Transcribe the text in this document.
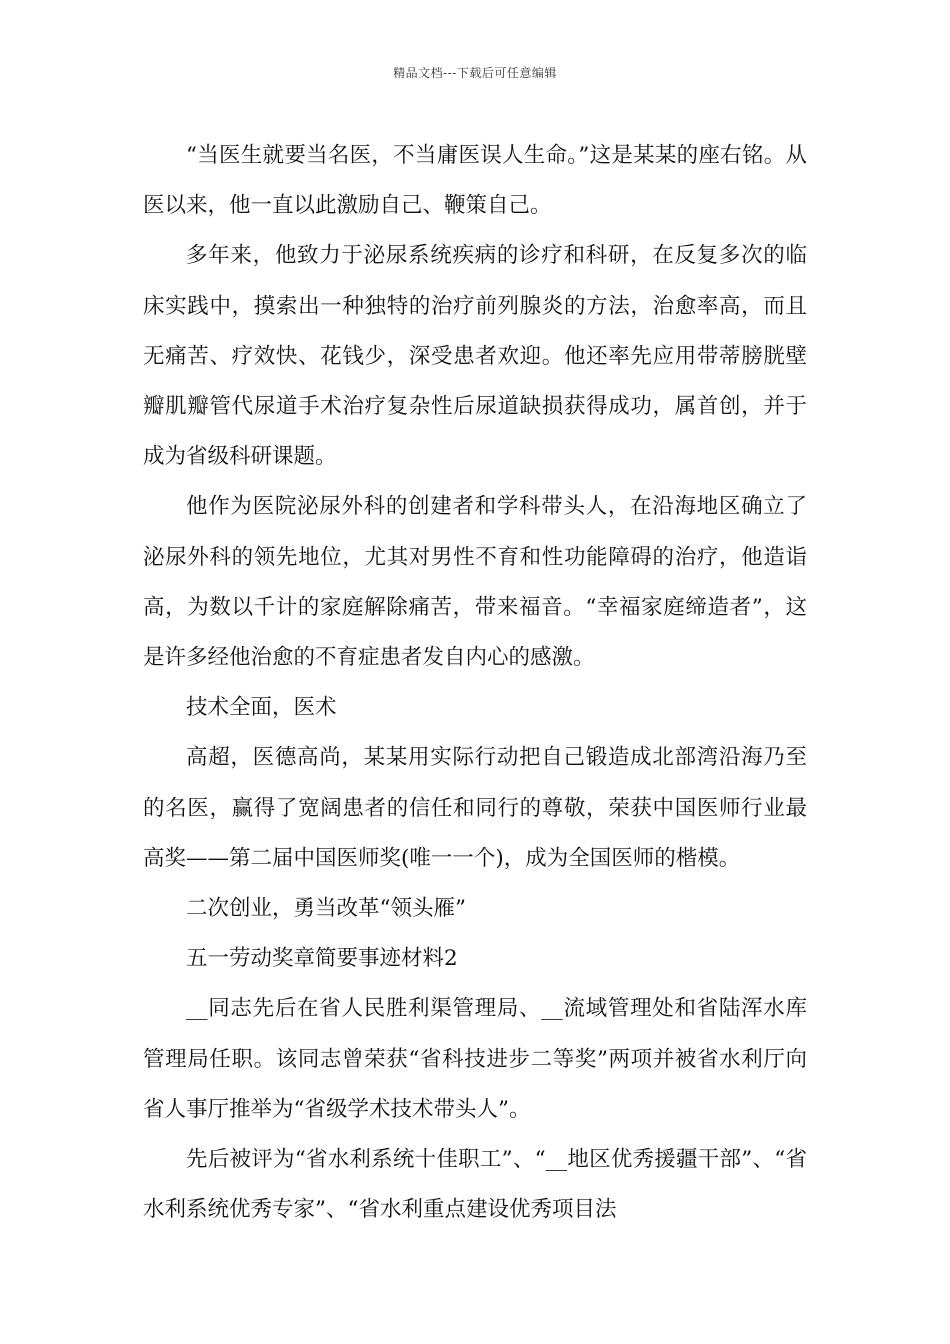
精品文档---下载后可任意编辑

“当医生就要当名医，不当庸医误人生命。”这是某某的座右铭。从医以来，他一直以此激励自己、鞭策自己。

多年来，他致力于泌尿系统疾病的诊疗和科研，在反复多次的临床实践中，摸索出一种独特的治疗前列腺炎的方法，治愈率高，而且无痛苦、疗效快、花钱少，深受患者欢迎。他还率先应用带蒂膀胱壁瓣肌瓣管代尿道手术治疗复杂性后尿道缺损获得成功，属首创，并于成为省级科研课题。

他作为医院泌尿外科的创建者和学科带头人，在沿海地区确立了泌尿外科的领先地位，尤其对男性不育和性功能障碍的治疗，他造诣高，为数以千计的家庭解除痛苦，带来福音。“幸福家庭缔造者”，这是许多经他治愈的不育症患者发自内心的感激。

技术全面，医术

高超，医德高尚，某某用实际行动把自己锻造成北部湾沿海乃至的名医，赢得了宽阔患者的信任和同行的尊敬，荣获中国医师行业最高奖——第二届中国医师奖(唯一一个)，成为全国医师的楷模。

二次创业，勇当改革“领头雁”

五一劳动奖章简要事迹材料2

__同志先后在省人民胜利渠管理局、__流域管理处和省陆浑水库管理局任职。该同志曾荣获“省科技进步二等奖”两项并被省水利厅向省人事厅推举为“省级学术技术带头人”。

先后被评为“省水利系统十佳职工”、“__地区优秀援疆干部”、“省水利系统优秀专家”、“省水利重点建设优秀项目法
